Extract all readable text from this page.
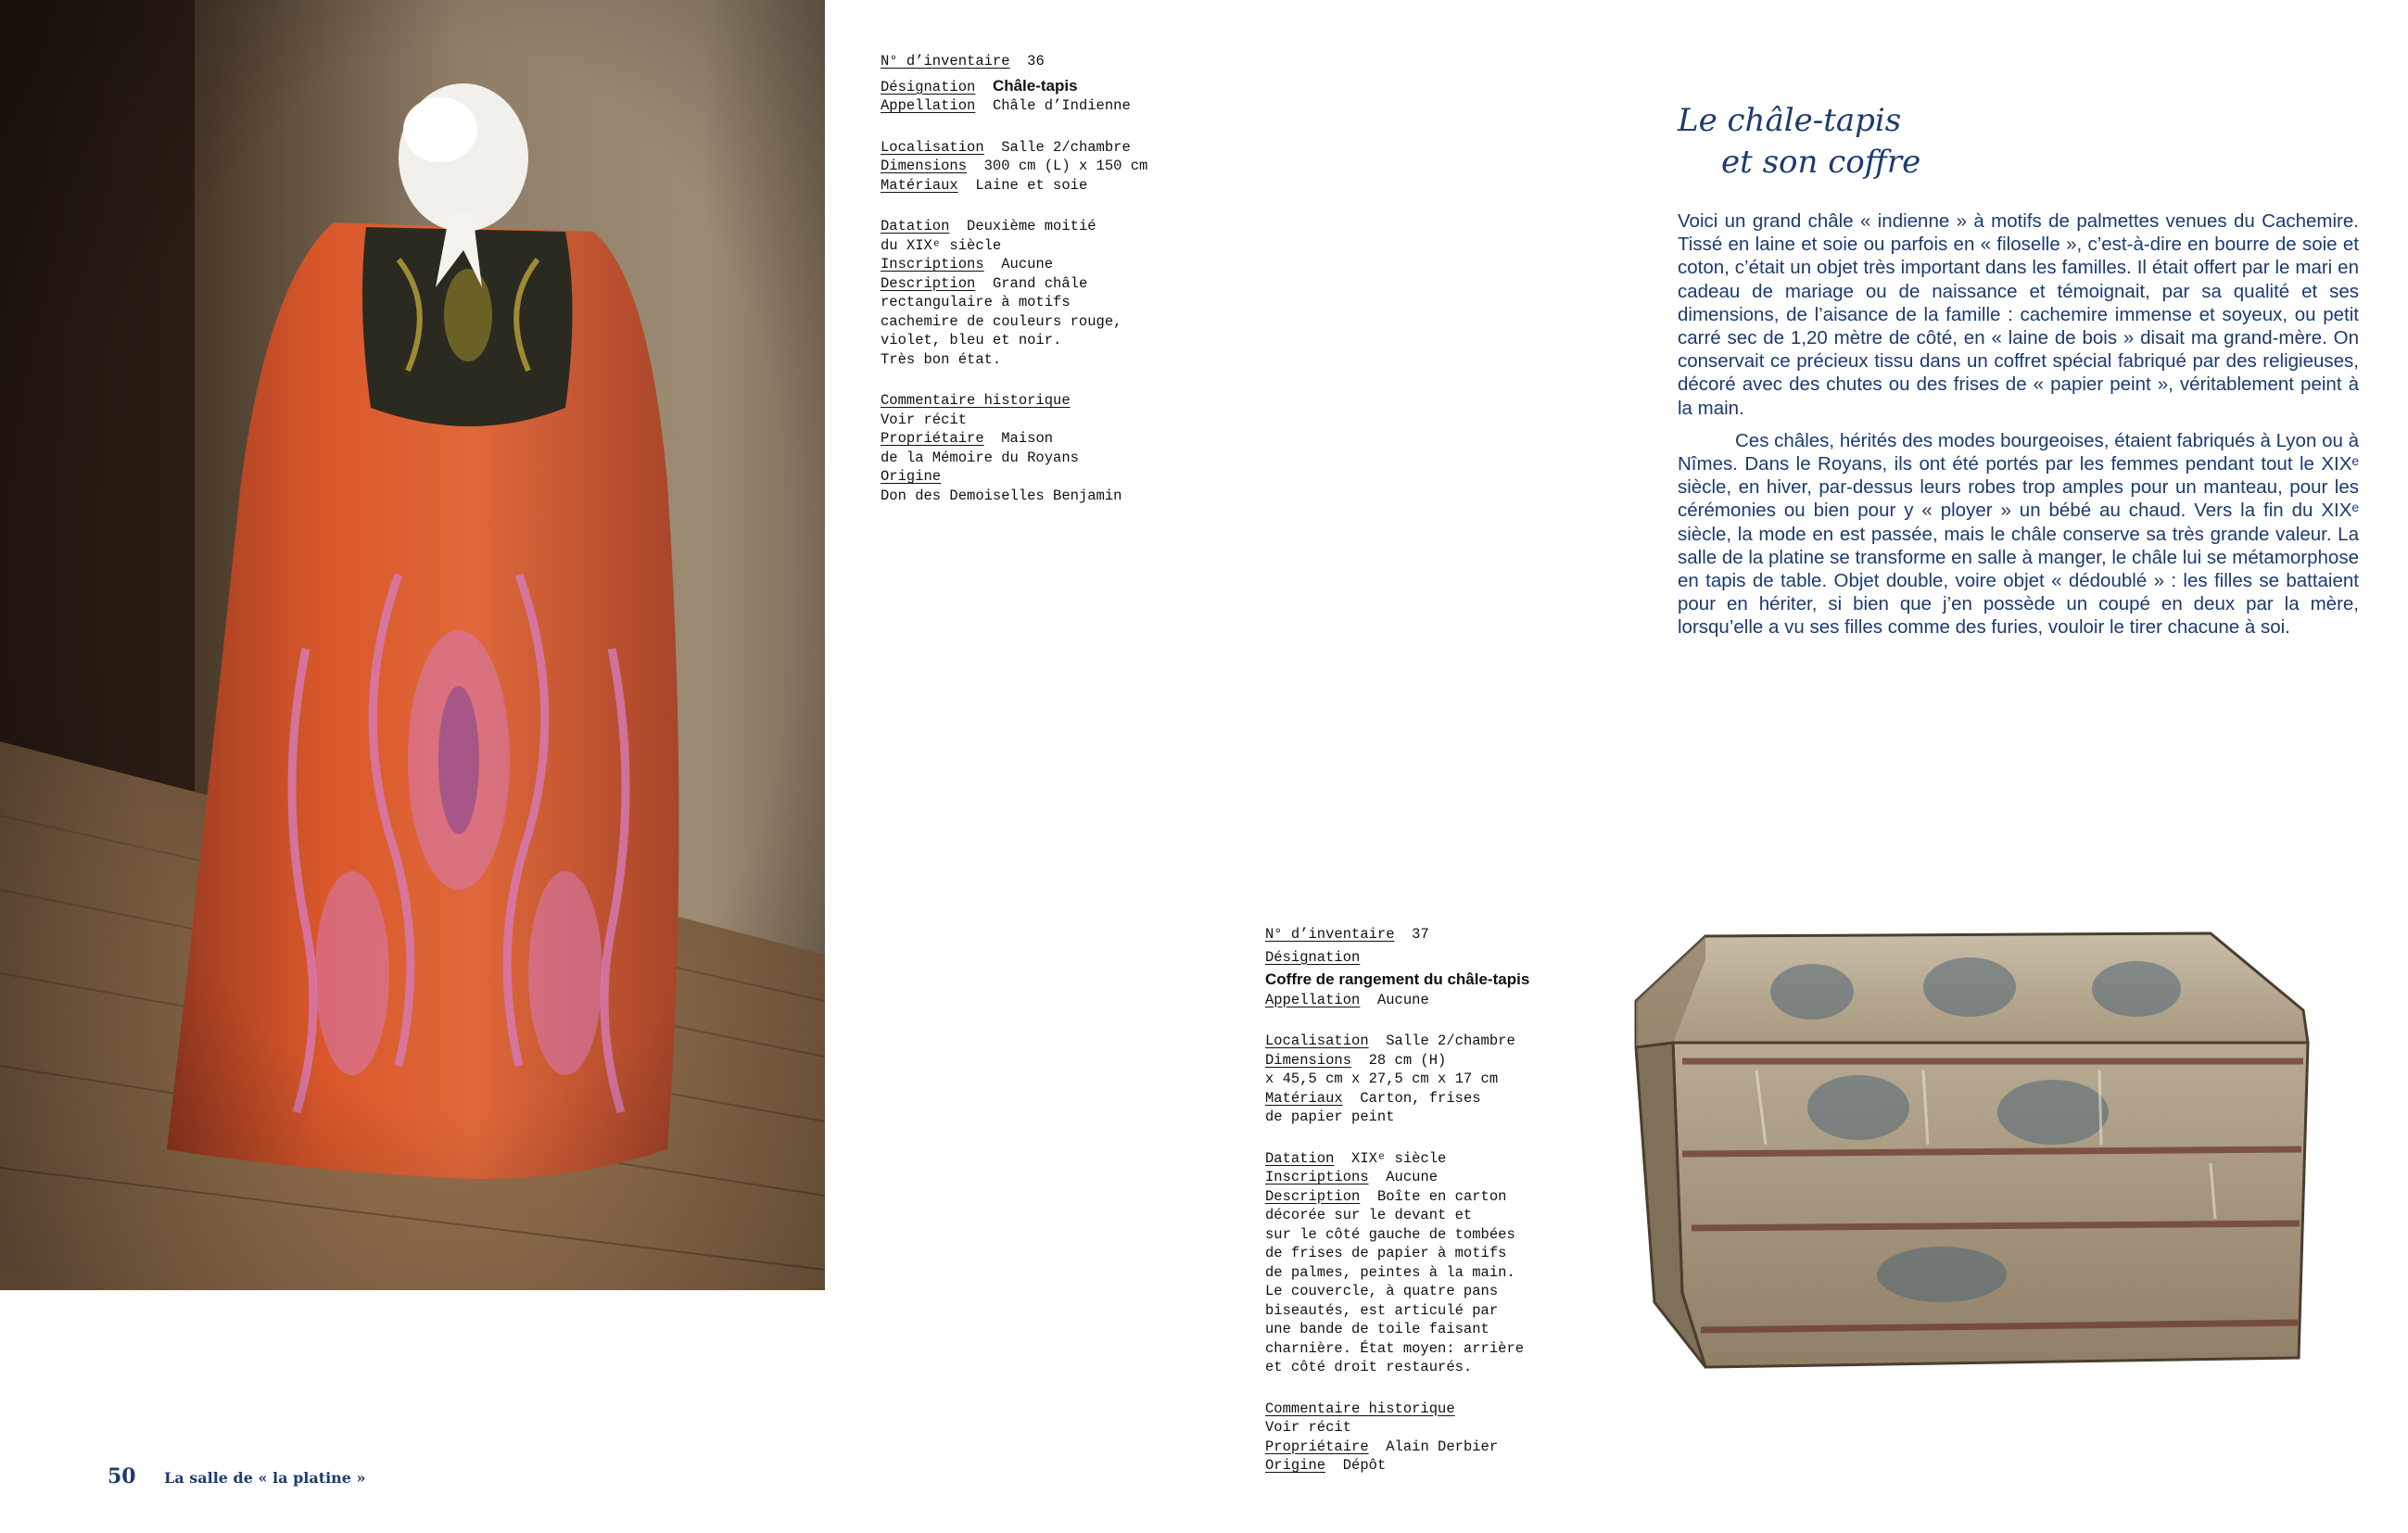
N° d’inventaire 36
Désignation Châle-tapis
Appellation Châle d’Indienne
Localisation Salle 2/chambre
Dimensions 300 cm (L) x 150 cm
Matériaux Laine et soie
Datation Deuxième moitié
du XIXᵉ siècle
Inscriptions Aucune
Description Grand châle
rectangulaire à motifs
cachemire de couleurs rouge,
violet, bleu et noir.
Très bon état.
Commentaire historique
Voir récit
Propriétaire Maison
de la Mémoire du Royans
Origine
Don des Demoiselles Benjamin
Le châle-tapis
et son coffre

Voici un grand châle « indienne » à motifs de palmettes venues du Cachemire. Tissé en laine et soie ou parfois en « filoselle », c’est-à-dire en bourre de soie et coton, c’était un objet très important dans les familles. Il était offert par le mari en cadeau de mariage ou de naissance et témoignait, par sa qualité et ses dimensions, de l’aisance de la famille : cachemire immense et soyeux, ou petit carré sec de 1,20 mètre de côté, en « laine de bois » disait ma grand-mère. On conservait ce précieux tissu dans un coffret spécial fabriqué par des religieuses, décoré avec des chutes ou des frises de « papier peint », véritablement peint à la main.

Ces châles, hérités des modes bourgeoises, étaient fabriqués à Lyon ou à Nîmes. Dans le Royans, ils ont été portés par les femmes pendant tout le XIXᵉ siècle, en hiver, par-dessus leurs robes trop amples pour un manteau, pour les cérémonies ou bien pour y « ployer » un bébé au chaud. Vers la fin du XIXᵉ siècle, la mode en est passée, mais le châle conserve sa très grande valeur. La salle de la platine se transforme en salle à manger, le châle lui se métamorphose en tapis de table. Objet double, voire objet « dédoublé » : les filles se battaient pour en hériter, si bien que j’en possède un coupé en deux par la mère, lorsqu’elle a vu ses filles comme des furies, vouloir le tirer chacune à soi.

N° d’inventaire 37
Désignation
Coffre de rangement du châle-tapis
Appellation Aucune
Localisation Salle 2/chambre
Dimensions 28 cm (H)
x 45,5 cm x 27,5 cm x 17 cm
Matériaux Carton, frises
de papier peint
Datation XIXᵉ siècle
Inscriptions Aucune
Description Boîte en carton
décorée sur le devant et
sur le côté gauche de tombées
de frises de papier à motifs
de palmes, peintes à la main.
Le couvercle, à quatre pans
biseautés, est articulé par
une bande de toile faisant
charnière. État moyen: arrière
et côté droit restaurés.
Commentaire historique
Voir récit
Propriétaire Alain Derbier
Origine Dépôt
50 La salle de « la platine »
